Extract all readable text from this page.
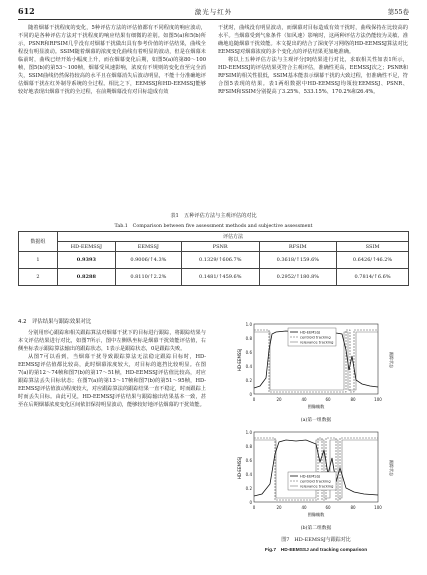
612	激光与红外	第55卷

随着烟幕干扰程度的变化，5种评估方法的评估值都有不同程度的响应波动，不同的是各种评估方法对干扰程度的响应结果有细微的差别。如图5(a)和5(b)所示，PSNR和RFSIM几乎没有对烟幕干扰做出具有参考价值的评估结果，曲线全程没有明显波动。SSIM随着烟幕的浓度变化曲线有着明显的波动，但是在烟幕未临前时，曲线已经开始小幅度上升，而在烟幕变化后期，如图5(a)的第80～100帧，图5(b)的第53～100帧，烟幕受风速影响，浓度有不规则的变化直至完全消失，SSIM曲线仍然保持较高的水平且在烟幕消失后波动明显，不能十分准确地评估烟幕干扰在红外制导系统的全过程。相比之下，EEMSSJ和HD-EEMSSJ能够较好地表现出烟幕干扰的全过程，在前期烟幕没有对目标造成有效

干扰时，曲线没有明显波动，而烟幕对目标造成有效干扰时，曲线保持在比较高的水平。当烟幕受到气象条件（如风速）影响时，这两种评估方法仍能较为灵敏、准确地追随烟幕干扰效能。本文提出的结合了深度学习网络的HD-EEMSSJ算法对比EEMSSJ对烟幕浓度的多个变化点的评估结果更加地准确。

将以上五种评估方法与主观评分[9]结果进行对比，求取相关性如表1所示，HD-EEMSSJ的评估结果更符合主观评估，准确性更高，EEMSSJ次之；PSNR和RFSIM的相关性很低，SSIM基本能表示烟幕干扰的大致过程，但准确性不足，符合图5表现的结果。表1两组数据中HD-EEMSSJ均領较EEMSSJ、PSNR、RFSIM和SSIM分别提高了3.25%、533.15%、170.2%和26.4%。

表1　五种评估方法与主观评估的对比
Tab.1　Comparison between five assessment methods and subjective assessment
数据组	评估方法				
	HD-EEMSSJ	EEMSSJ	PSNR	RFSIM	SSIM
1	0.9393	0.9006/↑4.3%	0.1329/↑606.7%	0.3618/↑159.6%	0.6426/↑46.2%
2	0.8288	0.8110/↑2.2%	0.1481/↑459.6%	0.2952/↑180.8%	0.7814/↑6.6%
4.2　评估结果与跟踪效果对比

分别用形心跟踪和相关跟踪算法对烟幕干扰下的目标进行跟踪，将跟踪结果与本文评估结果进行对比，如图7所示，图中左侧纵坐标是烟幕干扰效能评估值，右侧坐标表示跟踪算法输出的跟踪状态，1表示是跟踪状态，0是跟踪失败。

从图7可以看到，当烟幕干扰导致跟踪算法无法稳定跟踪目标时，HD-EEMSSJ评估值都比较高，此时烟幕浓度较大，对目标的遮挡比较明显。在图7(a)的第12～74帧和图7(b)的第17～51帧，HD-EEMSSJ评估值比较高，对应跟踪算法丢失目标状态；在图7(a)的第13～17帧和图7(b)的第51～95帧，HD-EEMSSJ评估值波动程度较大，对应跟踪算法的跟踪结果一直不稳定，时而跟踪上时而丢失目标。由此可见，HD-EEMSSJ评估结果与跟踪输出结果基本一致，甚至在后期烟幕浓度变化区间依旧保持明显波动，能够较好地评估烟幕的干扰效能。

1.0
0.8
0.6
0.4
0.2
0
0	20	40	60	80	100
图像帧数
HD-EEMSSJ	跟踪状态
HD-EEMSSJ
centroid tracking
relevance tracking
(a)第一组数据
1.0
0.8
0.6
0.4
0.2
0
0	20	40	60	80	100
图像帧数
HD-EEMSSJ	跟踪状态
HD-EEMSSJ
centroid tracking
relevance tracking
(b)第二组数据
图7　HD-EEMSSJ与跟踪对比
Fig.7　HD-EEMSSJ and tracking comparison
